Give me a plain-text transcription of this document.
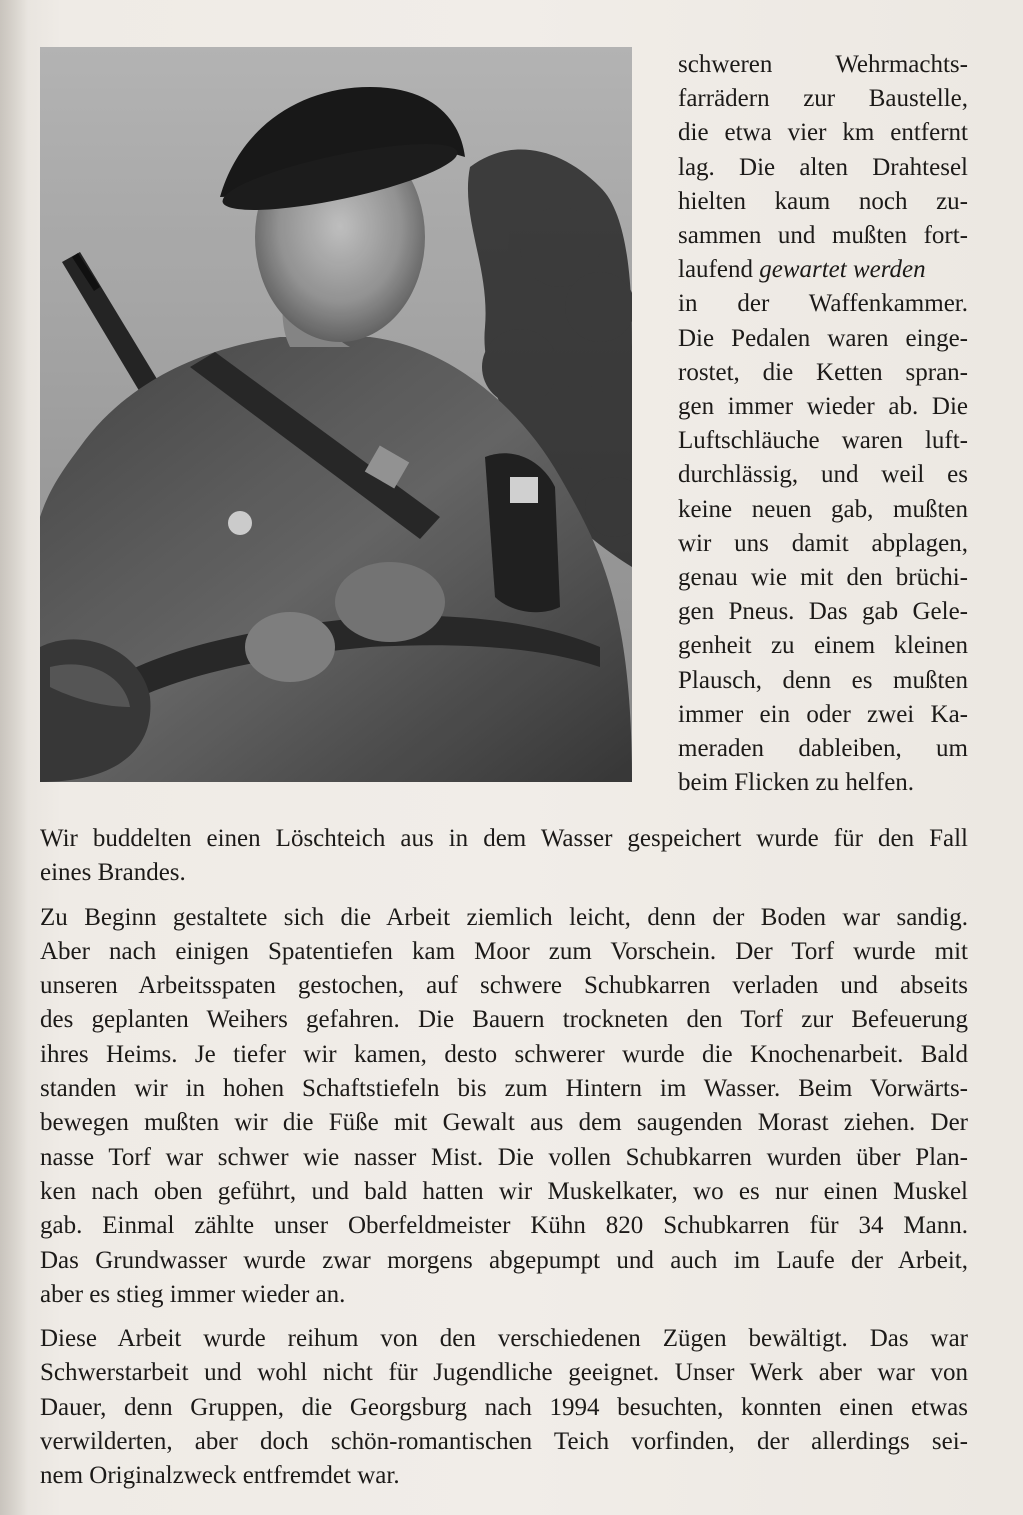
schweren Wehrmachts-
farrädern zur Baustelle,
die etwa vier km entfernt
lag. Die alten Drahtesel
hielten kaum noch zu-
sammen und mußten fort-
laufend gewartet werden
in der Waffenkammer.
Die Pedalen waren einge-
rostet, die Ketten spran-
gen immer wieder ab. Die
Luftschläuche waren luft-
durchlässig, und weil es
keine neuen gab, mußten
wir uns damit abplagen,
genau wie mit den brüchi-
gen Pneus. Das gab Gele-
genheit zu einem kleinen
Plausch, denn es mußten
immer ein oder zwei Ka-
meraden dableiben, um
beim Flicken zu helfen.
Wir buddelten einen Löschteich aus in dem Wasser gespeichert wurde für den Fall
eines Brandes.
Zu Beginn gestaltete sich die Arbeit ziemlich leicht, denn der Boden war sandig.
Aber nach einigen Spatentiefen kam Moor zum Vorschein. Der Torf wurde mit
unseren Arbeitsspaten gestochen, auf schwere Schubkarren verladen und abseits
des geplanten Weihers gefahren. Die Bauern trockneten den Torf zur Befeuerung
ihres Heims. Je tiefer wir kamen, desto schwerer wurde die Knochenarbeit. Bald
standen wir in hohen Schaftstiefeln bis zum Hintern im Wasser. Beim Vorwärts-
bewegen mußten wir die Füße mit Gewalt aus dem saugenden Morast ziehen. Der
nasse Torf war schwer wie nasser Mist. Die vollen Schubkarren wurden über Plan-
ken nach oben geführt, und bald hatten wir Muskelkater, wo es nur einen Muskel
gab. Einmal zählte unser Oberfeldmeister Kühn 820 Schubkarren für 34 Mann.
Das Grundwasser wurde zwar morgens abgepumpt und auch im Laufe der Arbeit,
aber es stieg immer wieder an.
Diese Arbeit wurde reihum von den verschiedenen Zügen bewältigt. Das war
Schwerstarbeit und wohl nicht für Jugendliche geeignet. Unser Werk aber war von
Dauer, denn Gruppen, die Georgsburg nach 1994 besuchten, konnten einen etwas
verwilderten, aber doch schön-romantischen Teich vorfinden, der allerdings sei-
nem Originalzweck entfremdet war.
